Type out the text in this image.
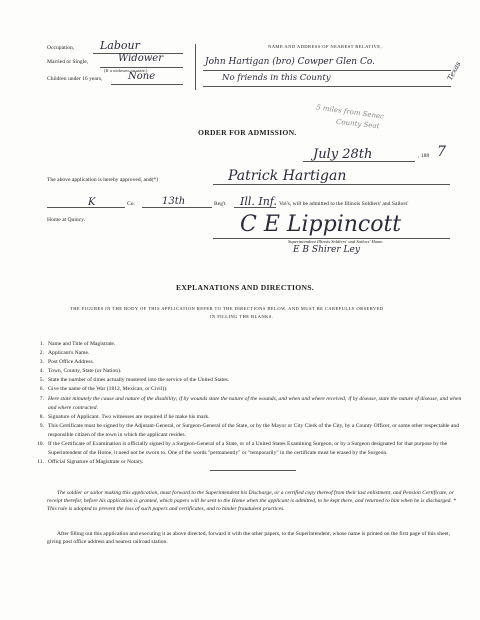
Occupation, Labour
Married or Single,	Widower
(If a widower, so state.)
Children under 16 years,	None
NAME AND ADDRESS OF NEAREST RELATIVE,
John Hartigan (bro) Cowper Glen Co.
No friends in this County	Texas
5 miles from Senec
County Seat
ORDER FOR ADMISSION.
July 28th	, 188 7
The above application is hereby approved, and(*)	Patrick Hartigan
K	Co.	13th	Reg't Ill. Inf. Vol's, will be admitted to the Illinois Soldiers' and Sailors'
Home at Quincy.	C E Lippincott
Superintendent Illinois Soldiers' and Sailors' Home.
E B Shirer Ley
EXPLANATIONS AND DIRECTIONS.
THE FIGURES IN THE BODY OF THIS APPLICATION REFER TO THE DIRECTIONS BELOW, AND MUST BE CAREFULLY OBSERVED
IN FILLING THE BLANKS.
1. Name and Title of Magistrate.
2. Applicant's Name.
3. Post Office Address.
4. Town, County, State (or Nation).
5. State the number of times actually mustered into the service of the United States.
6. Give the name of the War (1812, Mexican, or Civil)).
7. Here state minutely the cause and nature of the disability; if by wounds state the nature of the wounds, and when and where received; if by disease, state the nature of disease, and when and where contracted.
8. Signature of Applicant. Two witnesses are required if he make his mark.
9. This Certificate must be signed by the Adjutant-General, or Surgeon-General of the State, or by the Mayor or City Clerk of the City, by a County Officer, or some other respectable and responsible citizen of the town in which the applicant resides.
10. If the Certificate of Examination is officially signed by a Surgeon-General of a State, or of a United States Examining Surgeon, or by a Surgeon designated for that purpose by the Superintendent of the Home, it need not be sworn to. One of the words "permanently" or "temporarily" in the certificate must be erased by the Surgeon.
11. Official Signature of Magistrate or Notary.
The soldier or sailor making this application, must forward to the Superintendent his Discharge, or a certified copy thereof from their last enlistment, and Pension Certificate, or receipt therefor, before his application is granted, which papers will be sent to the Home when the applicant is admitted, to be kept there, and returned to him when he is discharged. * This rule is adopted to prevent the loss of such papers and certificates, and to hinder fraudulent practices.
After filling out this application and executing it as above directed, forward it with the other papers, to the Superintendent, whose name is printed on the first page of this sheet, giving post office address and nearest railroad station.
